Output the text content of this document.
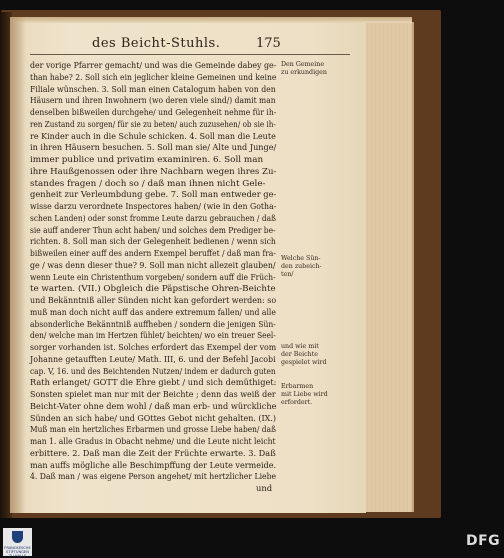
des Beicht-Stuhls.	175
der vorige Pfarrer gemacht/ und was die Gemeinde dabey ge-
than habe? 2. Soll sich ein jeglicher kleine Gemeinen und keine
Filiale wünschen. 3. Soll man einen Catalogum haben von den
Häusern und ihren Inwohnern (wo deren viele sind/) damit man
denselben bißweilen durchgehe/ und Gelegenheit nehme für ih-
ren Zustand zu sorgen/ für sie zu beten/ auch zuzusehen/ ob sie ih-
re Kinder auch in die Schule schicken. 4. Soll man die Leute
in ihren Häusern besuchen. 5. Soll man sie/ Alte und Junge/
immer publice und privatim examiniren. 6. Soll man
ihre Haußgenossen oder ihre Nachbarn wegen ihres Zu-
standes fragen / doch so / daß man ihnen nicht Gele-
genheit zur Verleumbdung gebe. 7. Soll man entweder ge-
wisse darzu verordnete Inspectores haben/ (wie in den Gotha-
schen Landen) oder sonst fromme Leute darzu gebrauchen / daß
sie auff anderer Thun acht haben/ und solches dem Prediger be-
richten. 8. Soll man sich der Gelegenheit bedienen / wenn sich
bißweilen einer auff des andern Exempel beruffet / daß man fra-
ge / was denn dieser thue? 9. Soll man nicht allezeit glauben/
wenn Leute ein Christenthum vorgeben/ sondern auff die Früch-
te warten. (VII.) Obgleich die Päpstische Ohren-Beichte
und Bekänntniß aller Sünden nicht kan gefordert werden: so
muß man doch nicht auff das andere extremum fallen/ und alle
absonderliche Bekänntniß auffheben / sondern die jenigen Sün-
den/ welche man im Hertzen fühlet/ beichten/ wo ein treuer Seel-
sorger vorhanden ist. Solches erfordert das Exempel der vom
Johanne getaufften Leute/ Math. III, 6. und der Befehl Jacobi
cap. V, 16. und des Beichtenden Nutzen/ indem er dadurch guten
Rath erlanget/ GOTT die Ehre giebt / und sich demüthiget:
Sonsten spielet man nur mit der Beichte ; denn das weiß der
Beicht-Vater ohne dem wohl / daß man erb- und würckliche
Sünden an sich habe/ und GOttes Gebot nicht gehalten. (IX.)
Muß man ein hertzliches Erbarmen und grosse Liebe haben/ daß
man 1. alle Gradus in Obacht nehme/ und die Leute nicht leicht
erbittere. 2. Daß man die Zeit der Früchte erwarte. 3. Daß
man auffs mögliche alle Beschimpffung der Leute vermeide.
4. Daß man / was eigene Person angehet/ mit hertzlicher Liebe
und
Den Gemeine
zu erkundigen
Welche Sün-
den zubeich-
ten/
und wie mit
der Beichte
gespielet wird
Erbarmen
mit Liebe wird
erfordert.
FRANCKESCHE STIFTUNGEN ZU HALLE
DFG
